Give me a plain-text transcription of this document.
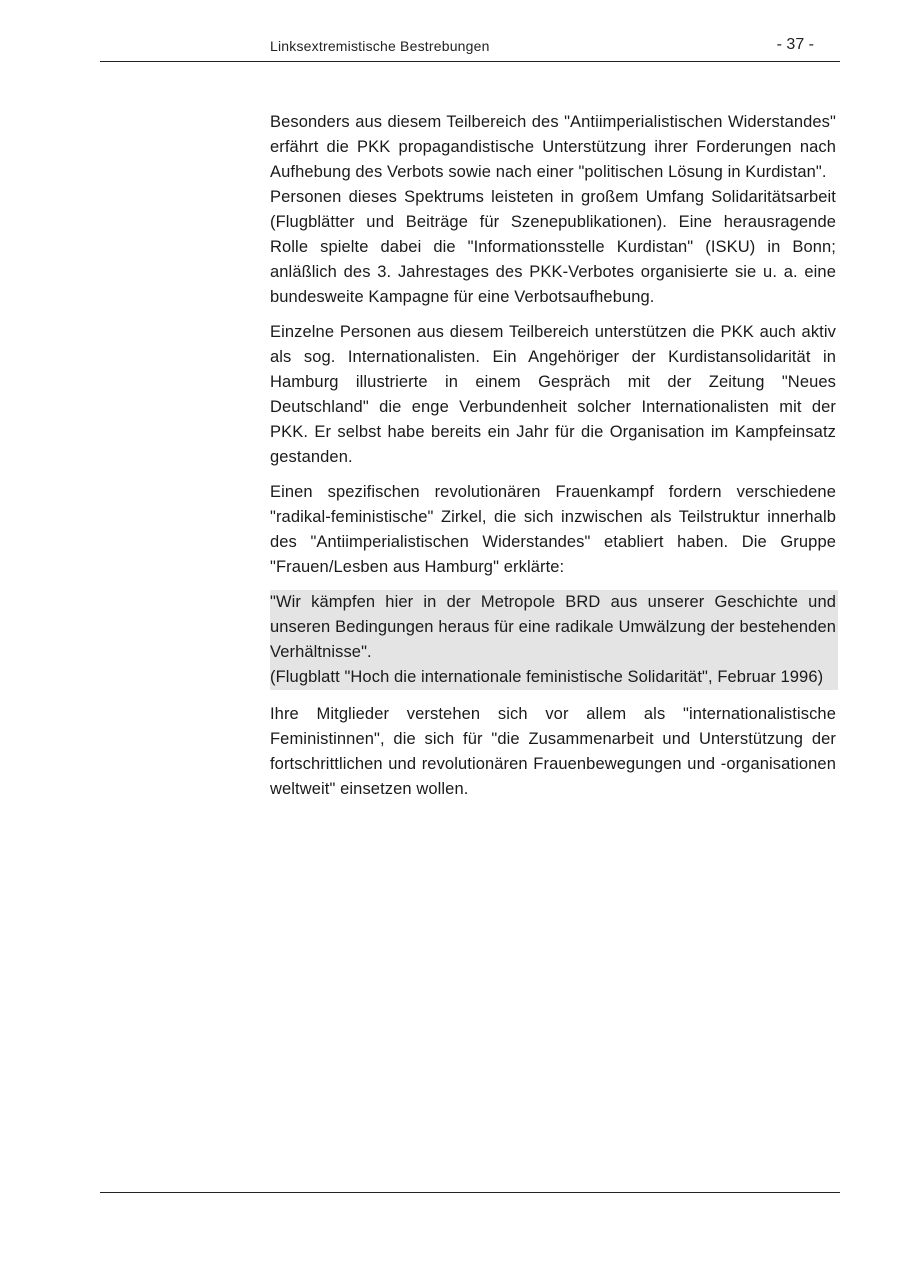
Linksextremistische Bestrebungen	- 37 -

Besonders aus diesem Teilbereich des "Antiimperialistischen Widerstandes" erfährt die PKK propagandistische Unterstützung ihrer Forderungen nach Aufhebung des Verbots sowie nach einer "politischen Lösung in Kurdistan".

Personen dieses Spektrums leisteten in großem Umfang Solidaritätsarbeit (Flugblätter und Beiträge für Szenepublikationen). Eine herausragende Rolle spielte dabei die "Informationsstelle Kurdistan" (ISKU) in Bonn; anläßlich des 3. Jahrestages des PKK-Verbotes organisierte sie u. a. eine bundesweite Kampagne für eine Verbotsaufhebung.

Einzelne Personen aus diesem Teilbereich unterstützen die PKK auch aktiv als sog. Internationalisten. Ein Angehöriger der Kurdistansolidarität in Hamburg illustrierte in einem Gespräch mit der Zeitung "Neues Deutschland" die enge Verbundenheit solcher Internationalisten mit der PKK. Er selbst habe bereits ein Jahr für die Organisation im Kampfeinsatz gestanden.

Einen spezifischen revolutionären Frauenkampf fordern verschiedene "radikal-feministische" Zirkel, die sich inzwischen als Teilstruktur innerhalb des "Antiimperialistischen Widerstandes" etabliert haben. Die Gruppe "Frauen/Lesben aus Hamburg" erklärte:

"Wir kämpfen hier in der Metropole BRD aus unserer Geschichte und unseren Bedingungen heraus für eine radikale Umwälzung der bestehenden Verhältnisse".
(Flugblatt "Hoch die internationale feministische Solidarität", Februar 1996)

Ihre Mitglieder verstehen sich vor allem als "internationalistische Feministinnen", die sich für "die Zusammenarbeit und Unterstützung der fortschrittlichen und revolutionären Frauenbewegungen und -organisationen weltweit" einsetzen wollen.
